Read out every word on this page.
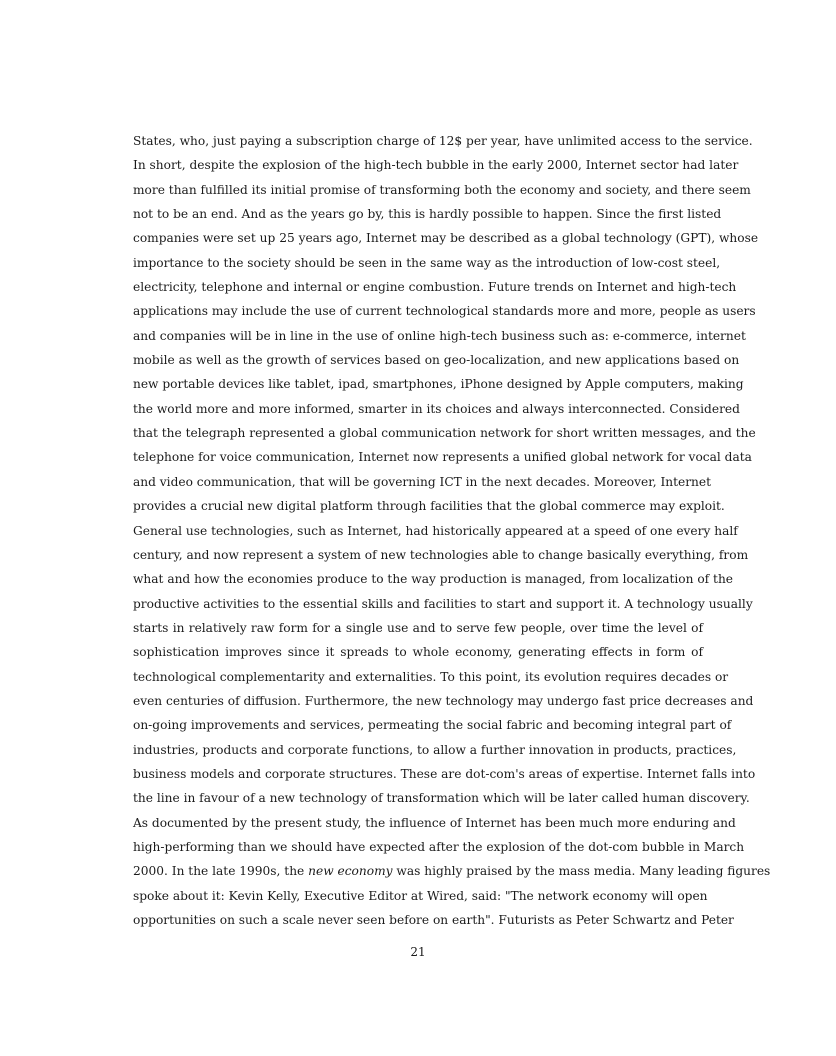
States, who, just paying a subscription charge of 12$ per year, have unlimited access to the service.
In short, despite the explosion of the high-tech bubble in the early 2000, Internet sector had later
more than fulfilled its initial promise of transforming both the economy and society, and there seem
not to be an end. And as the years go by, this is hardly possible to happen. Since the first listed
companies were set up 25 years ago, Internet may be described as a global technology (GPT), whose
importance to the society should be seen in the same way as the introduction of low-cost steel,
electricity, telephone and internal or engine combustion. Future trends on Internet and high-tech
applications may include the use of current technological standards more and more, people as users
and companies will be in line in the use of online high-tech business such as: e-commerce, internet
mobile as well as the growth of services based on geo-localization, and new applications based on
new portable devices like tablet, ipad, smartphones, iPhone designed by Apple computers, making
the world more and more informed, smarter in its choices and always interconnected. Considered
that the telegraph represented a global communication network for short written messages, and the
telephone for voice communication, Internet now represents a unified global network for vocal data
and video communication, that will be governing ICT in the next decades. Moreover, Internet
provides a crucial new digital platform through facilities that the global commerce may exploit.
General use technologies, such as Internet, had historically appeared at a speed of one every half
century, and now represent a system of new technologies able to change basically everything, from
what and how the economies produce to the way production is managed, from localization of the
productive activities to the essential skills and facilities to start and support it. A technology usually
starts in relatively raw form for a single use and to serve few people, over time the level of
sophistication improves since it spreads to whole economy, generating effects in form of
technological complementarity and externalities. To this point, its evolution requires decades or
even centuries of diffusion. Furthermore, the new technology may undergo fast price decreases and
on-going improvements and services, permeating the social fabric and becoming integral part of
industries, products and corporate functions, to allow a further innovation in products, practices,
business models and corporate structures. These are dot-com's areas of expertise. Internet falls into
the line in favour of a new technology of transformation which will be later called human discovery.
As documented by the present study, the influence of Internet has been much more enduring and
high-performing than we should have expected after the explosion of the dot-com bubble in March
2000. In the late 1990s, the new economy was highly praised by the mass media. Many leading figures
spoke about it: Kevin Kelly, Executive Editor at Wired, said: "The network economy will open
opportunities on such a scale never seen before on earth". Futurists as Peter Schwartz and Peter
21
